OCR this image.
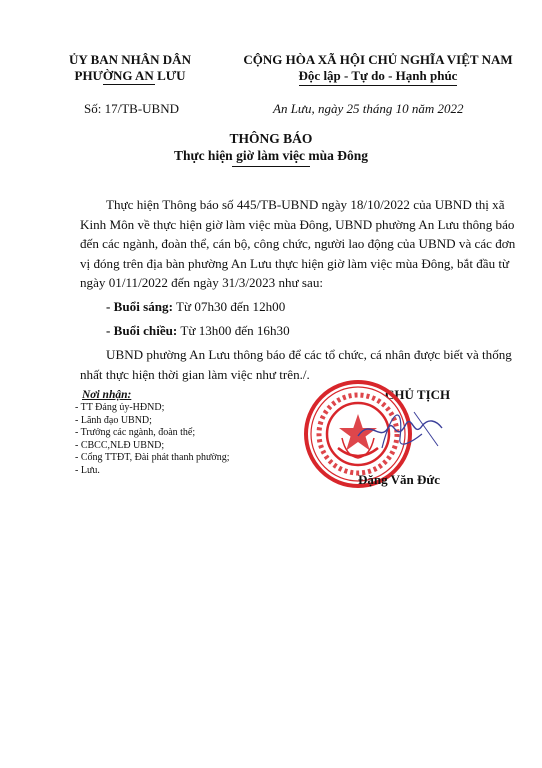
ỦY BAN NHÂN DÂN
PHƯỜNG AN LƯU
CỘNG HÒA XÃ HỘI CHỦ NGHĨA VIỆT NAM
Độc lập - Tự do - Hạnh phúc
Số: 17/TB-UBND	An Lưu, ngày 25 tháng 10 năm 2022
THÔNG BÁO
Thực hiện giờ làm việc mùa Đông
Thực hiện Thông báo số 445/TB-UBND ngày 18/10/2022 của UBND thị xã
Kinh Môn về thực hiện giờ làm việc mùa Đông, UBND phường An Lưu thông báo
đến các ngành, đoàn thể, cán bộ, công chức, người lao động của UBND và các đơn
vị đóng trên địa bàn phường An Lưu thực hiện giờ làm việc mùa Đông, bắt đầu từ
ngày 01/11/2022 đến ngày 31/3/2023 như sau:
- Buổi sáng: Từ 07h30 đến 12h00
- Buổi chiều: Từ 13h00 đến 16h30
UBND phường An Lưu thông báo để các tổ chức, cá nhân được biết và thống
nhất thực hiện thời gian làm việc như trên./.
Nơi nhận:
- TT Đảng ủy-HĐND;
- Lãnh đạo UBND;
- Trưởng các ngành, đoàn thể;
- CBCC,NLĐ UBND;
- Cổng TTĐT, Đài phát thanh phường;
- Lưu.
CHỦ TỊCH
Đặng Văn Đức
